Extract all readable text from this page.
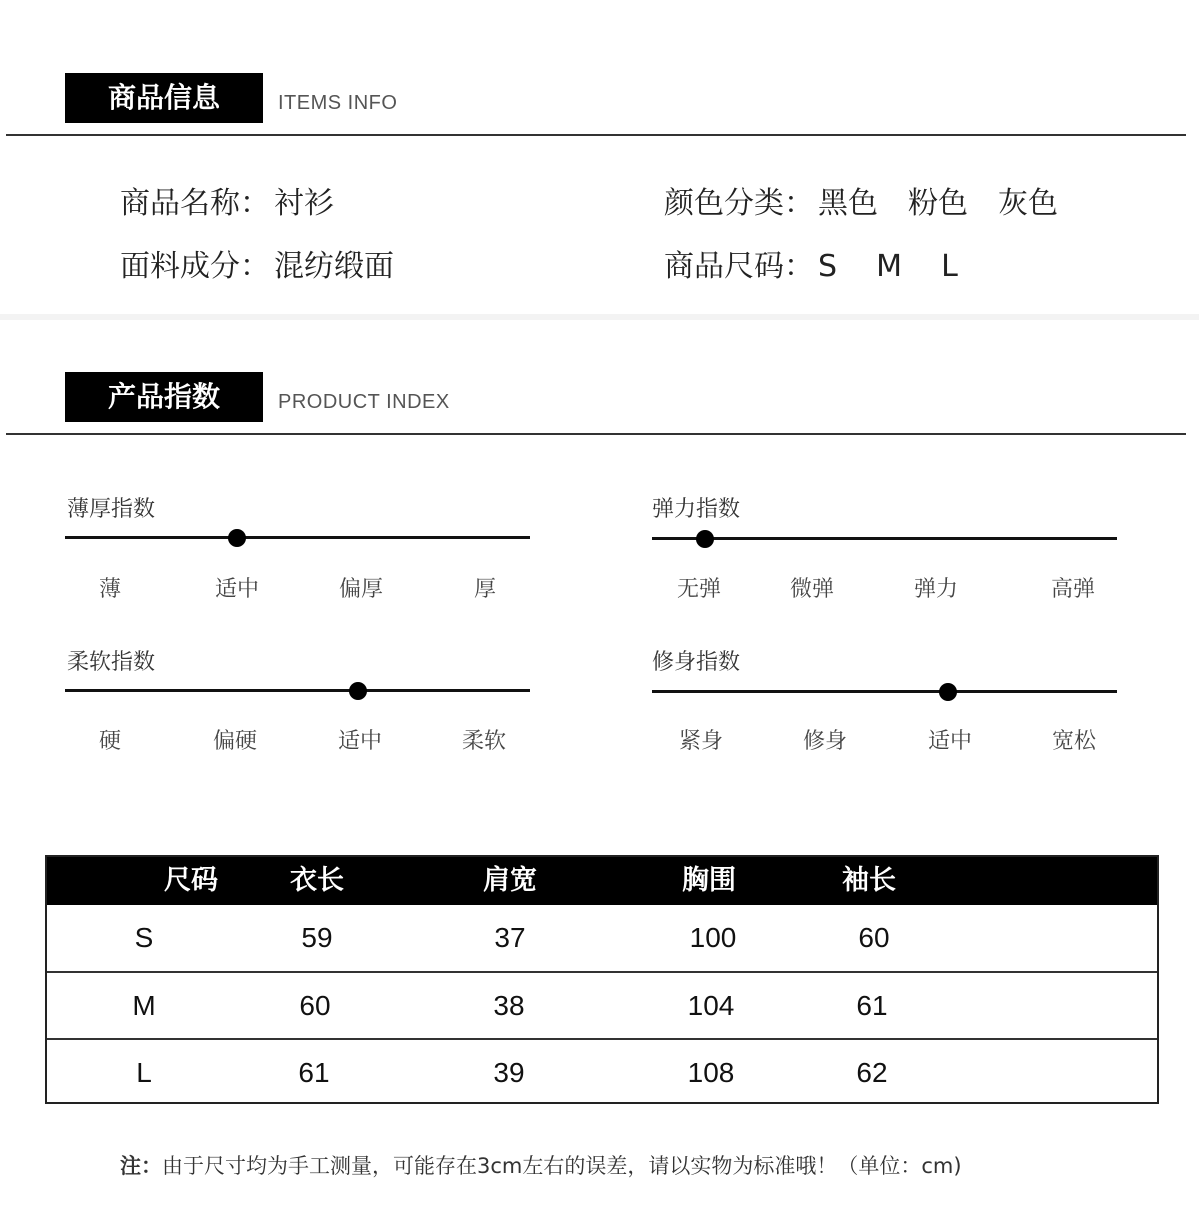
商品信息	ITEMS INFO
商品名称： 衬衫
面料成分： 混纺缎面
颜色分类： 黑色　粉色　灰色
商品尺码： S  M  L
产品指数	PRODUCT INDEX
薄厚指数
薄	适中	偏厚	厚
弹力指数
无弹	微弹	弹力	高弹
柔软指数
硬	偏硬	适中	柔软
修身指数
紧身	修身	适中	宽松
尺码	衣长	肩宽	胸围	袖长
S	59	37	100	60
M	60	38	104	61
L	61	39	108	62
注：由于尺寸均为手工测量，可能存在3cm左右的误差，请以实物为标准哦！（单位：cm)
